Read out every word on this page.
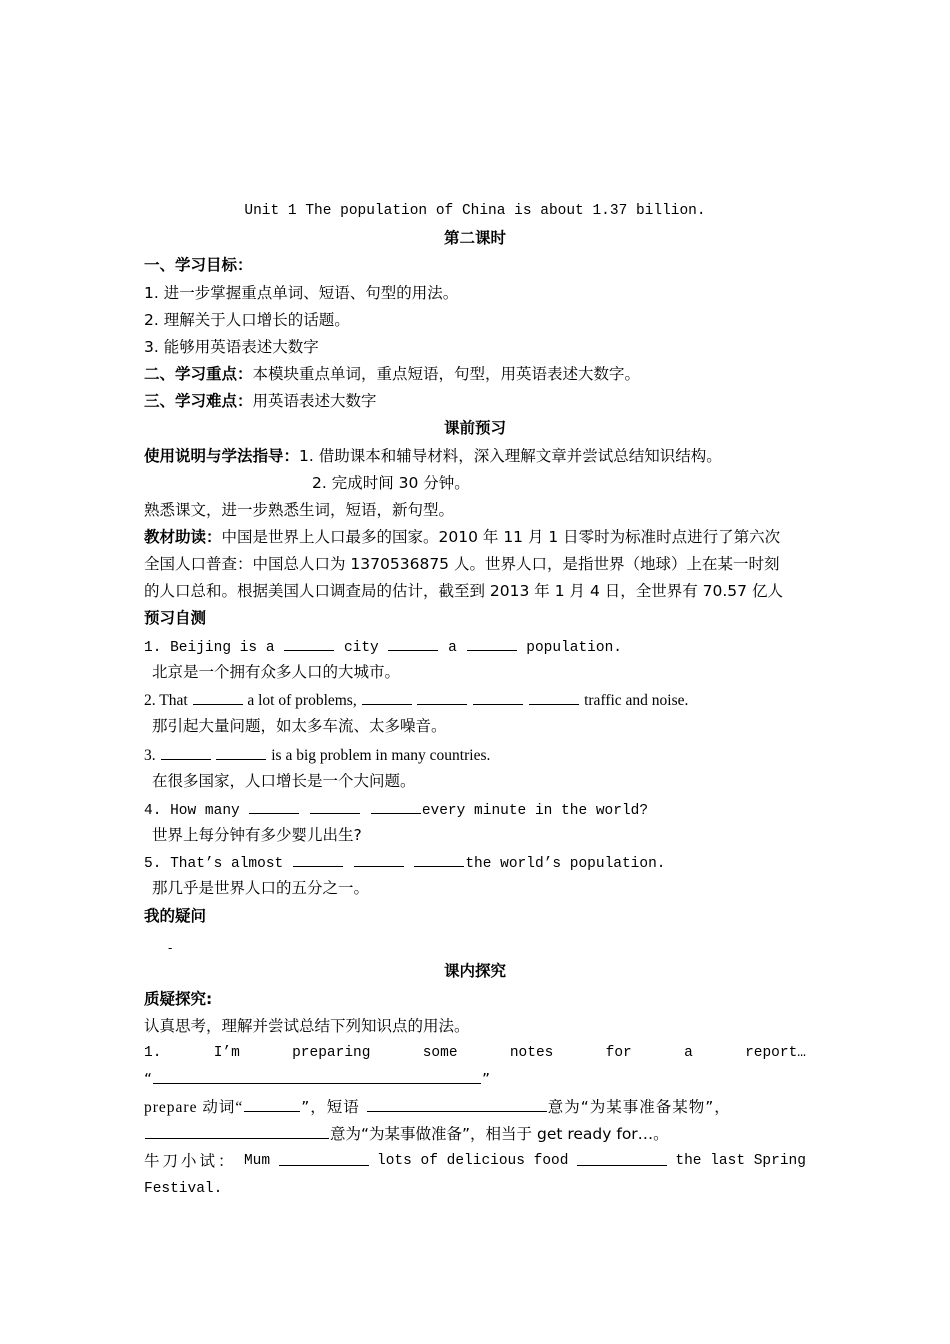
Unit 1 The population of China is about 1.37 billion.
第二课时
一、学习目标：
1. 进一步掌握重点单词、短语、句型的用法。
2. 理解关于人口增长的话题。
3. 能够用英语表述大数字
二、学习重点：本模块重点单词，重点短语，句型，用英语表述大数字。
三、学习难点：用英语表述大数字
课前预习
使用说明与学法指导：1. 借助课本和辅导材料，深入理解文章并尝试总结知识结构。
2. 完成时间 30 分钟。
熟悉课文，进一步熟悉生词，短语，新句型。
教材助读：中国是世界上人口最多的国家。2010 年 11 月 1 日零时为标准时点进行了第六次
全国人口普查：中国总人口为 1370536875 人。世界人口，是指世界（地球）上在某一时刻
的人口总和。根据美国人口调查局的估计，截至到 2013 年 1 月 4 日，全世界有 70.57 亿人
预习自测
1. Beijing is a	city	a	population.
北京是一个拥有众多人口的大城市。
2. That	a lot of problems,	traffic and noise.
那引起大量问题，如太多车流、太多噪音。
3.	is a big problem in many countries.
在很多国家，人口增长是一个大问题。
4. How many	every minute in the world?
世界上每分钟有多少婴儿出生?
5. That’s almost	the world’s population.
那几乎是世界人口的五分之一。
我的疑问
-
课内探究
质疑探究:
认真思考，理解并尝试总结下列知识点的用法。
1.	I’m	preparing	some	notes	for	a	report…
“	”
prepare 动词“	”，短语	意为“为某事准备某物”，
意为“为某事做准备”，相当于 get ready for…。
牛刀小试： Mum	lots of delicious food	the last Spring
Festival.
